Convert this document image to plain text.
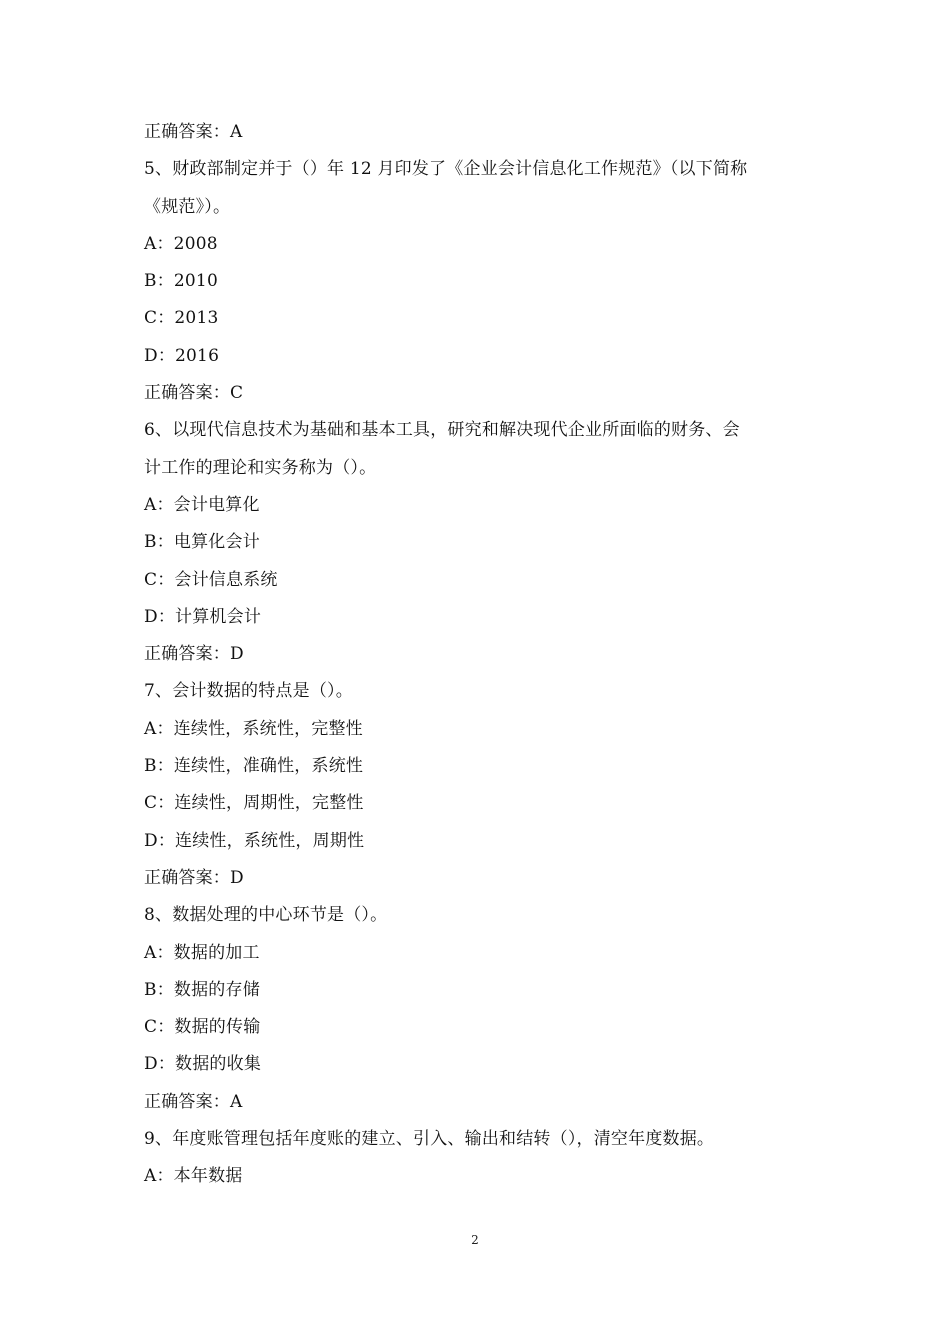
正确答案：A
5、财政部制定并于（）年 12 月印发了《企业会计信息化工作规范》（以下简称
《规范》）。
A：2008
B：2010
C：2013
D：2016
正确答案：C
6、以现代信息技术为基础和基本工具，研究和解决现代企业所面临的财务、会
计工作的理论和实务称为（）。
A：会计电算化
B：电算化会计
C：会计信息系统
D：计算机会计
正确答案：D
7、会计数据的特点是（）。
A：连续性，系统性，完整性
B：连续性，准确性，系统性
C：连续性，周期性，完整性
D：连续性，系统性，周期性
正确答案：D
8、数据处理的中心环节是（）。
A：数据的加工
B：数据的存储
C：数据的传输
D：数据的收集
正确答案：A
9、年度账管理包括年度账的建立、引入、输出和结转（），清空年度数据。
A：本年数据
2
